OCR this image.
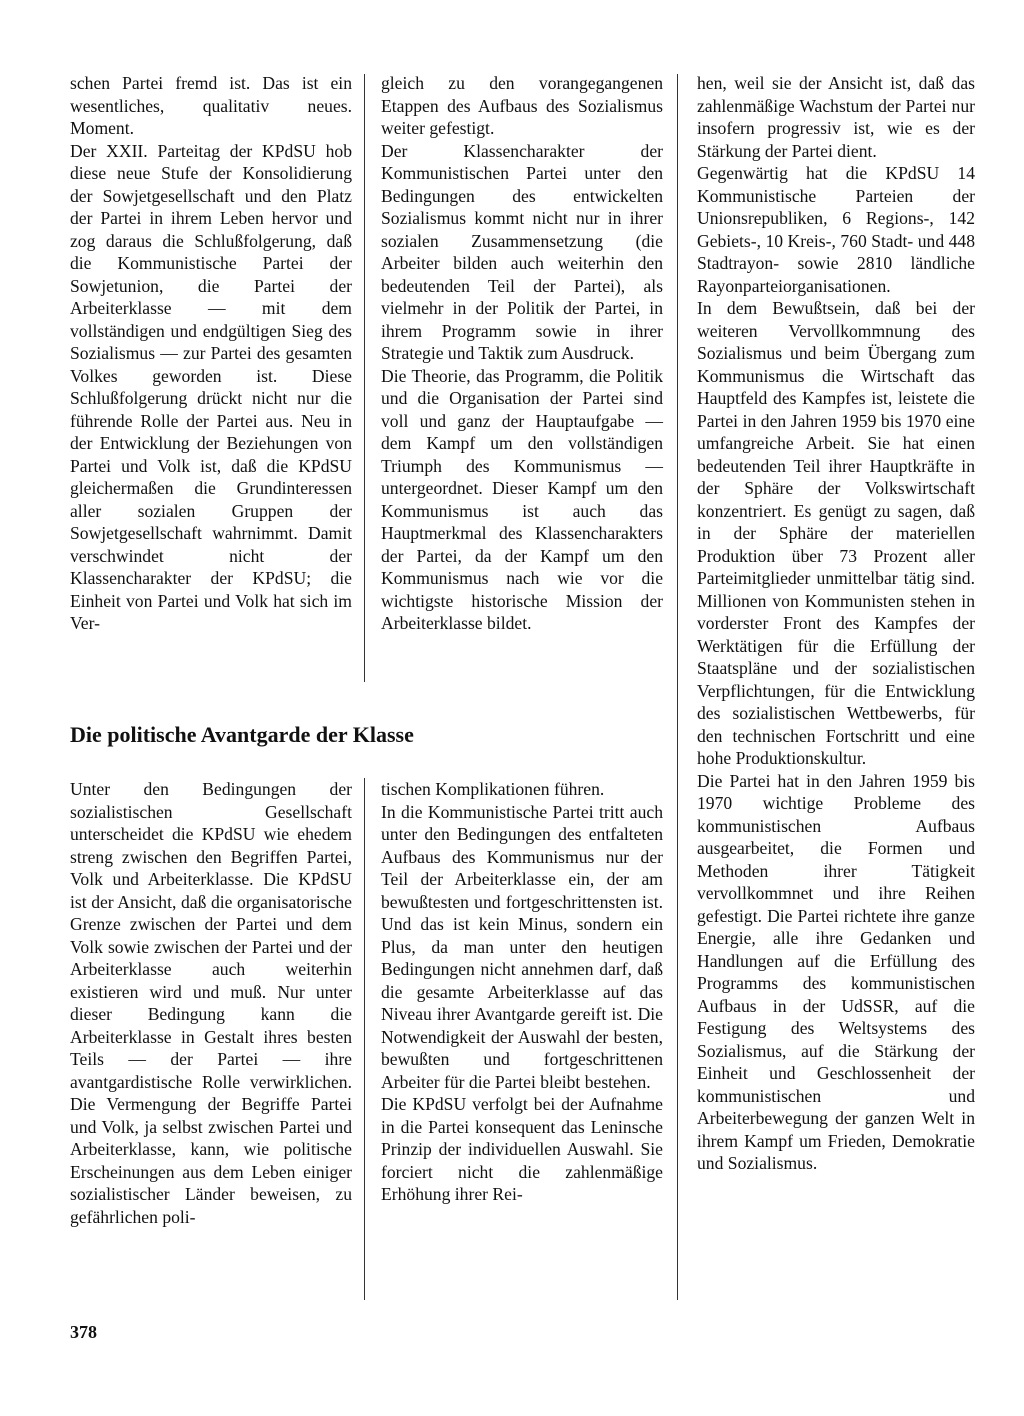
schen Partei fremd ist. Das ist ein wesentliches, qualitativ neues. Moment.

Der XXII. Parteitag der KPdSU hob diese neue Stufe der Konsolidierung der Sowjetgesellschaft und den Platz der Partei in ihrem Leben hervor und zog daraus die Schlußfolgerung, daß die Kommunistische Partei der Sowjetunion, die Partei der Arbeiterklasse — mit dem vollständigen und endgültigen Sieg des Sozialismus — zur Partei des gesamten Volkes geworden ist. Diese Schlußfolgerung drückt nicht nur die führende Rolle der Partei aus. Neu in der Entwicklung der Beziehungen von Partei und Volk ist, daß die KPdSU gleichermaßen die Grundinteressen aller sozialen Gruppen der Sowjetgesellschaft wahrnimmt. Damit verschwindet nicht der Klassencharakter der KPdSU; die Einheit von Partei und Volk hat sich im Ver-

gleich zu den vorangegangenen Etappen des Aufbaus des Sozialismus weiter gefestigt.

Der Klassencharakter der Kommunistischen Partei unter den Bedingungen des entwickelten Sozialismus kommt nicht nur in ihrer sozialen Zusammensetzung (die Arbeiter bilden auch weiterhin den bedeutenden Teil der Partei), als vielmehr in der Politik der Partei, in ihrem Programm sowie in ihrer Strategie und Taktik zum Ausdruck.

Die Theorie, das Programm, die Politik und die Organisation der Partei sind voll und ganz der Hauptaufgabe — dem Kampf um den vollständigen Triumph des Kommunismus — untergeordnet. Dieser Kampf um den Kommunismus ist auch das Hauptmerkmal des Klassencharakters der Partei, da der Kampf um den Kommunismus nach wie vor die wichtigste historische Mission der Arbeiterklasse bildet.

Die politische Avantgarde der Klasse

Unter den Bedingungen der sozialistischen Gesellschaft unterscheidet die KPdSU wie ehedem streng zwischen den Begriffen Partei, Volk und Arbeiterklasse. Die KPdSU ist der Ansicht, daß die organisatorische Grenze zwischen der Partei und dem Volk sowie zwischen der Partei und der Arbeiterklasse auch weiterhin existieren wird und muß. Nur unter dieser Bedingung kann die Arbeiterklasse in Gestalt ihres besten Teils — der Partei — ihre avantgardistische Rolle verwirklichen. Die Vermengung der Begriffe Partei und Volk, ja selbst zwischen Partei und Arbeiterklasse, kann, wie politische Erscheinungen aus dem Leben einiger sozialistischer Länder beweisen, zu gefährlichen poli-

tischen Komplikationen führen.

In die Kommunistische Partei tritt auch unter den Bedingungen des entfalteten Aufbaus des Kommunismus nur der Teil der Arbeiterklasse ein, der am bewußtesten und fortgeschrittensten ist. Und das ist kein Minus, sondern ein Plus, da man unter den heutigen Bedingungen nicht annehmen darf, daß die gesamte Arbeiterklasse auf das Niveau ihrer Avantgarde gereift ist. Die Notwendigkeit der Auswahl der besten, bewußten und fortgeschrittenen Arbeiter für die Partei bleibt bestehen.

Die KPdSU verfolgt bei der Aufnahme in die Partei konsequent das Leninsche Prinzip der individuellen Auswahl. Sie forciert nicht die zahlenmäßige Erhöhung ihrer Rei-

hen, weil sie der Ansicht ist, daß das zahlenmäßige Wachstum der Partei nur insofern progressiv ist, wie es der Stärkung der Partei dient.

Gegenwärtig hat die KPdSU 14 Kommunistische Parteien der Unionsrepubliken, 6 Regions-, 142 Gebiets-, 10 Kreis-, 760 Stadt- und 448 Stadtrayon- sowie 2810 ländliche Rayonparteiorganisationen.

In dem Bewußtsein, daß bei der weiteren Vervollkommnung des Sozialismus und beim Übergang zum Kommunismus die Wirtschaft das Hauptfeld des Kampfes ist, leistete die Partei in den Jahren 1959 bis 1970 eine umfangreiche Arbeit. Sie hat einen bedeutenden Teil ihrer Hauptkräfte in der Sphäre der Volkswirtschaft konzentriert. Es genügt zu sagen, daß in der Sphäre der materiellen Produktion über 73 Prozent aller Parteimitglieder unmittelbar tätig sind. Millionen von Kommunisten stehen in vorderster Front des Kampfes der Werktätigen für die Erfüllung der Staatspläne und der sozialistischen Verpflichtungen, für die Entwicklung des sozialistischen Wettbewerbs, für den technischen Fortschritt und eine hohe Produktionskultur.

Die Partei hat in den Jahren 1959 bis 1970 wichtige Probleme des kommunistischen Aufbaus ausgearbeitet, die Formen und Methoden ihrer Tätigkeit vervollkommnet und ihre Reihen gefestigt. Die Partei richtete ihre ganze Energie, alle ihre Gedanken und Handlungen auf die Erfüllung des Programms des kommunistischen Aufbaus in der UdSSR, auf die Festigung des Weltsystems des Sozialismus, auf die Stärkung der Einheit und Geschlossenheit der kommunistischen und Arbeiterbewegung der ganzen Welt in ihrem Kampf um Frieden, Demokratie und Sozialismus.

378
